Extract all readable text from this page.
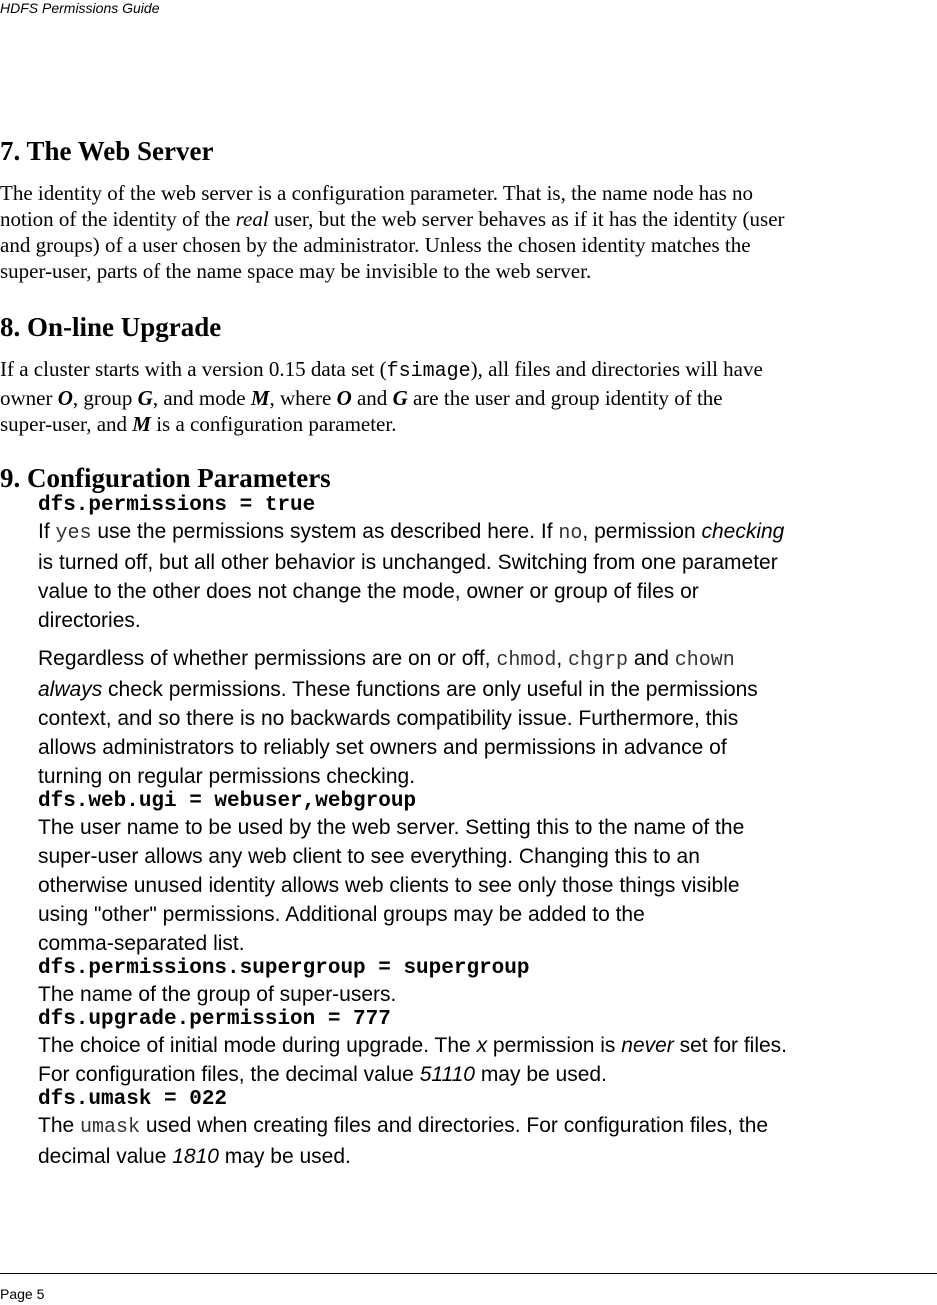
HDFS Permissions Guide
7. The Web Server

The identity of the web server is a configuration parameter. That is, the name node has no
notion of the identity of the real user, but the web server behaves as if it has the identity (user
and groups) of a user chosen by the administrator. Unless the chosen identity matches the
super-user, parts of the name space may be invisible to the web server.

8. On-line Upgrade

If a cluster starts with a version 0.15 data set (fsimage), all files and directories will have
owner O, group G, and mode M, where O and G are the user and group identity of the
super-user, and M is a configuration parameter.

9. Configuration Parameters
dfs.permissions = true
If yes use the permissions system as described here. If no, permission checking
is turned off, but all other behavior is unchanged. Switching from one parameter
value to the other does not change the mode, owner or group of files or
directories.
Regardless of whether permissions are on or off, chmod, chgrp and chown
always check permissions. These functions are only useful in the permissions
context, and so there is no backwards compatibility issue. Furthermore, this
allows administrators to reliably set owners and permissions in advance of
turning on regular permissions checking.
dfs.web.ugi = webuser,webgroup
The user name to be used by the web server. Setting this to the name of the
super-user allows any web client to see everything. Changing this to an
otherwise unused identity allows web clients to see only those things visible
using "other" permissions. Additional groups may be added to the
comma-separated list.
dfs.permissions.supergroup = supergroup
The name of the group of super-users.
dfs.upgrade.permission = 777
The choice of initial mode during upgrade. The x permission is never set for files.
For configuration files, the decimal value 51110 may be used.
dfs.umask = 022
The umask used when creating files and directories. For configuration files, the
decimal value 1810 may be used.
Page 5
